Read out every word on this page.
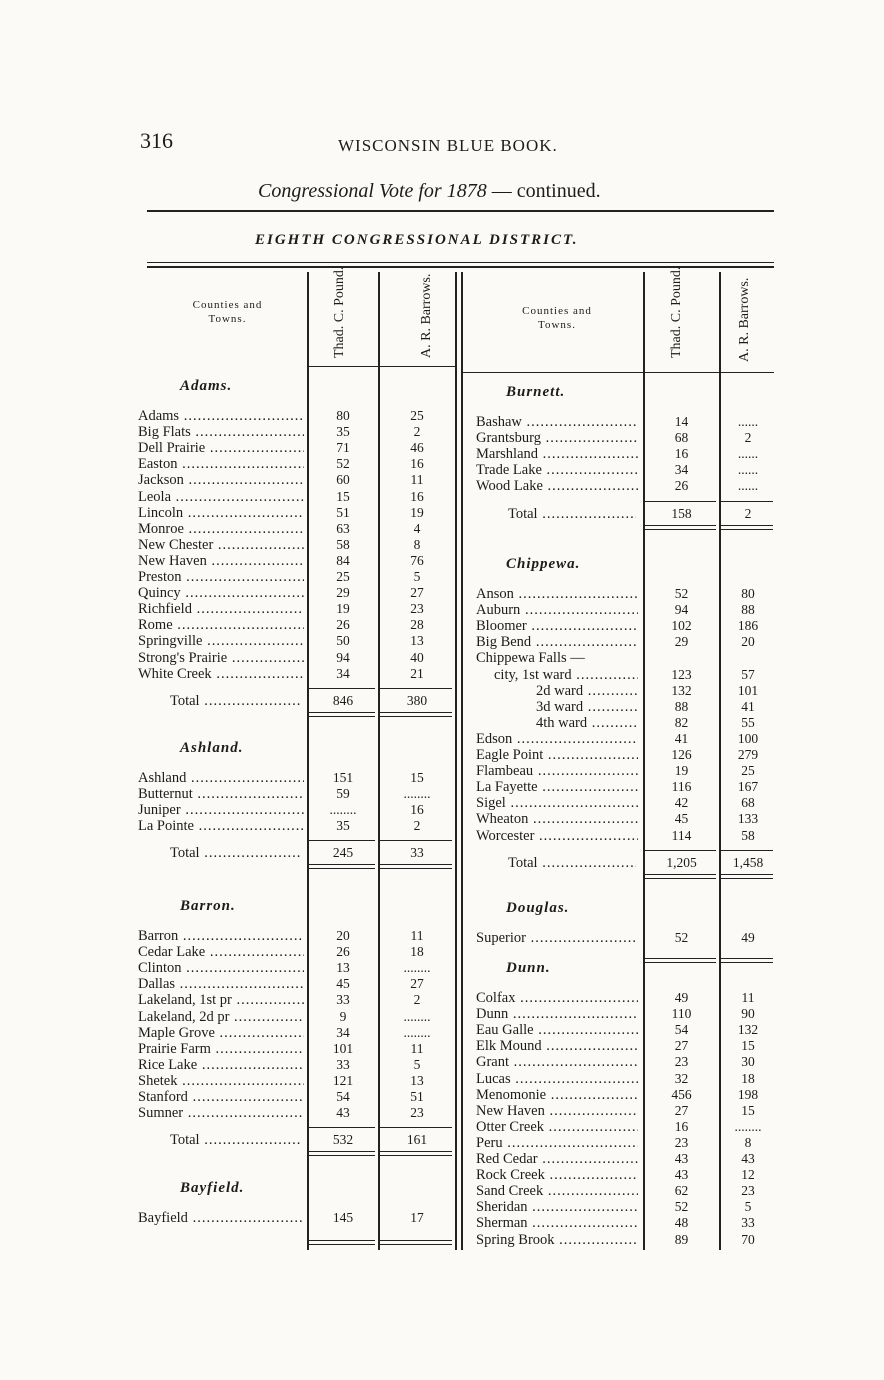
316	WISCONSIN BLUE BOOK.
Congressional Vote for 1878 — continued.
EIGHTH CONGRESSIONAL DISTRICT.
Counties and
Towns.
Counties and
Towns.
Thad. C. Pound.	A. R. Barrows.	Thad. C. Pound.	A. R. Barrows.
Adams.
Adams .....	80	25
Big Flats .....	35	2
Dell Prairie .....	71	46
Easton .....	52	16
Jackson .....	60	11
Leola .....	15	16
Lincoln .....	51	19
Monroe .....	63	4
New Chester .....	58	8
New Haven .....	84	76
Preston .....	25	5
Quincy .....	29	27
Richfield .....	19	23
Rome .....	26	28
Springville .....	50	13
Strong's Prairie .....	94	40
White Creek .....	34	21
Total .....	846	380
Ashland.
Ashland .....	151	15
Butternut .....	59	........
Juniper .....	........	16
La Pointe .....	35	2
Total .....	245	33
Barron.
Barron .....	20	11
Cedar Lake .....	26	18
Clinton .....	13	........
Dallas .....	45	27
Lakeland, 1st pr .....	33	2
Lakeland, 2d pr .....	9	........
Maple Grove .....	34	........
Prairie Farm .....	101	11
Rice Lake .....	33	5
Shetek .....	121	13
Stanford .....	54	51
Sumner .....	43	23
Total .....	532	161
Bayfield.
Bayfield .....	145	17
Burnett.
Bashaw .....	14	......
Grantsburg .....	68	2
Marshland .....	16	......
Trade Lake .....	34	......
Wood Lake .....	26	......
Total .....	158	2
Chippewa.
Anson .....	52	80
Auburn .....	94	88
Bloomer .....	102	186
Big Bend .....	29	20
Chippewa Falls —
city, 1st ward .....	123	57
2d ward .....	132	101
3d ward .....	88	41
4th ward .....	82	55
Edson .....	41	100
Eagle Point .....	126	279
Flambeau .....	19	25
La Fayette .....	116	167
Sigel .....	42	68
Wheaton .....	45	133
Worcester .....	114	58
Total .....	1,205	1,458
Douglas.
Superior .....	52	49
Dunn.
Colfax .....	49	11
Dunn .....	110	90
Eau Galle .....	54	132
Elk Mound .....	27	15
Grant .....	23	30
Lucas .....	32	18
Menomonie .....	456	198
New Haven .....	27	15
Otter Creek .....	16	........
Peru .....	23	8
Red Cedar .....	43	43
Rock Creek .....	43	12
Sand Creek .....	62	23
Sheridan .....	52	5
Sherman .....	48	33
Spring Brook .....	89	70
